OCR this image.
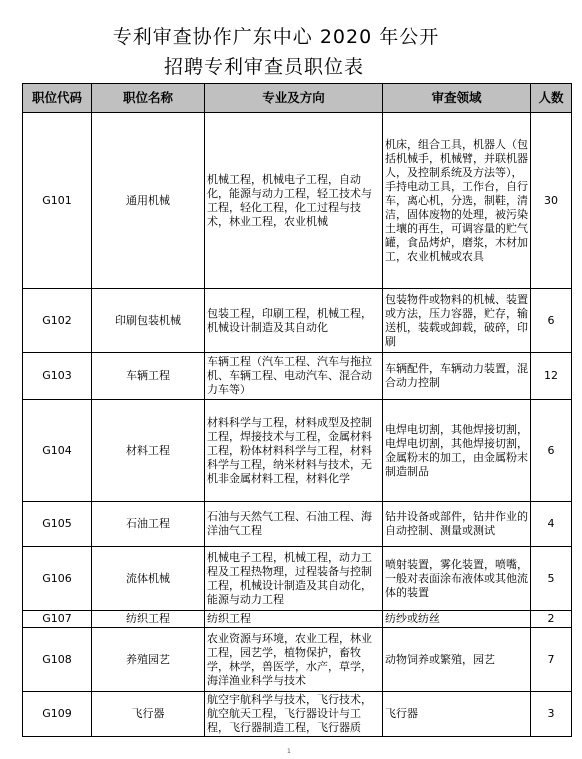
专利审查协作广东中心 2020 年公开
招聘专利审查员职位表
职位代码	职位名称	专业及方向	审查领域	人数
G101	通用机械	机械工程，机械电子工程，自动化，能源与动力工程，轻工技术与工程，轻化工程，化工过程与技术，林业工程，农业机械	机床，组合工具，机器人（包括机械手，机械臂，并联机器人，及控制系统及方法等），手持电动工具，工作台，自行车，离心机，分选，制鞋，清洁，固体废物的处理，被污染土壤的再生，可调容量的贮气罐，食品烤炉，磨浆，木材加工，农业机械或农具	30
G102	印刷包装机械	包装工程，印刷工程，机械工程，机械设计制造及其自动化	包装物件或物料的机械、装置或方法，压力容器，贮存，输送机，装载或卸载，破碎，印刷	6
G103	车辆工程	车辆工程（汽车工程、汽车与拖拉机、车辆工程、电动汽车、混合动力车等）	车辆配件，车辆动力装置，混合动力控制	12
G104	材料工程	材料科学与工程，材料成型及控制工程，焊接技术与工程，金属材料工程，粉体材料科学与工程，材料科学与工程，纳米材料与技术，无机非金属材料工程，材料化学	电焊电切割，其他焊接切割，电焊电切割，其他焊接切割，金属粉末的加工，由金属粉末制造制品	6
G105	石油工程	石油与天然气工程、石油工程、海洋油气工程	钻井设备或部件，钻井作业的自动控制、测量或测试	4
G106	流体机械	机械电子工程，机械工程，动力工程及工程热物理，过程装备与控制工程，机械设计制造及其自动化，能源与动力工程	喷射装置，雾化装置，喷嘴，一般对表面涂布液体或其他流体的装置	5
G107	纺织工程	纺织工程	纺纱或纺丝	2
G108	养殖园艺	农业资源与环境，农业工程，林业工程，园艺学，植物保护，畜牧学，林学，兽医学，水产，草学，海洋渔业科学与技术	动物饲养或繁殖，园艺	7
G109	飞行器	航空宇航科学与技术，飞行技术，航空航天工程，飞行器设计与工程，飞行器制造工程，飞行器质	飞行器	3
1
